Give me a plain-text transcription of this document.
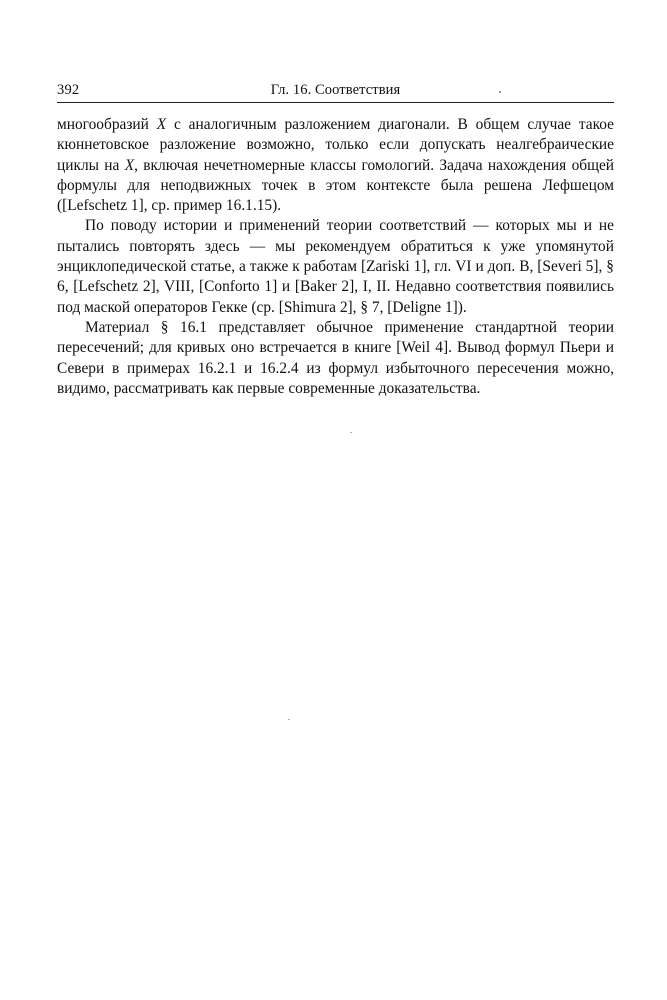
392	Гл. 16. Соответствия

многообразий X с аналогичным разложением диагонали. В общем случае такое кюннетовское разложение возможно, только если допускать неалгебраические циклы на X, включая нечетномерные классы гомологий. Задача нахождения общей формулы для неподвижных точек в этом контексте была решена Лефшецом ([Lefschetz 1], ср. пример 16.1.15).

По поводу истории и применений теории соответствий — которых мы и не пытались повторять здесь — мы рекомендуем обратиться к уже упомянутой энциклопедической статье, а также к работам [Zariski 1], гл. VI и доп. B, [Severi 5], § 6, [Lefschetz 2], VIII, [Conforto 1] и [Baker 2], I, II. Недавно соответствия появились под маской операторов Гекке (ср. [Shimura 2], § 7, [Deligne 1]).

Материал § 16.1 представляет обычное применение стандартной теории пересечений; для кривых оно встречается в книге [Weil 4]. Вывод формул Пьери и Севери в примерах 16.2.1 и 16.2.4 из формул избыточного пересечения можно, видимо, рассматривать как первые современные доказательства.
